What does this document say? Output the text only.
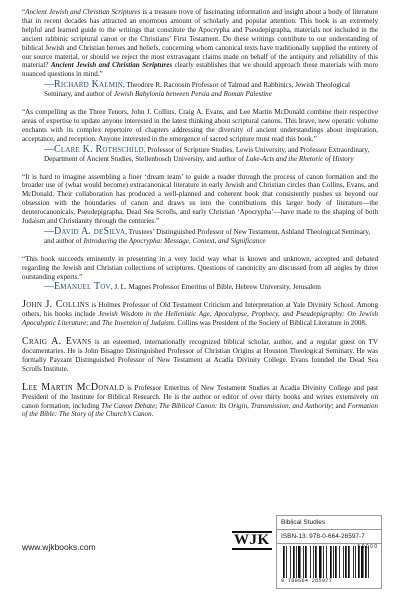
“Ancient Jewish and Christian Scriptures is a treasure trove of fascinating information and insight about a body of literature that in recent decades has attracted an enormous amount of scholarly and popular attention. This book is an extremely helpful and learned guide to the writings that constitute the Apocrypha and Pseudepigrapha, materials not included in the ancient rabbinic scriptural canon or the Christians’ First Testament. Do these writings contribute to our understanding of biblical Jewish and Christian heroes and beliefs, concerning whom canonical texts have traditionally supplied the entirety of our source material, or should we reject the most extravagant claims made on behalf of the antiquity and reliability of this material? Ancient Jewish and Christian Scriptures clearly establishes that we should approach these materials with more nuanced questions in mind.”

—Richard Kalmin, Theodore R. Racoosin Professor of Talmud and Rabbinics, Jewish Theological Seminary, and author of Jewish Babylonia between Persia and Roman Palestine

“As compelling as the Three Tenors, John J. Collins, Craig A. Evans, and Lee Martin McDonald combine their respective areas of expertise to update anyone interested in the latest thinking about scriptural canons. This brave, new operatic volume enchants with its complex repertoire of chapters addressing the diversity of ancient understandings about inspiration, acceptance, and reception. Anyone interested in the emergence of sacred scripture must read this book.”

—Clare K. Rothschild, Professor of Scripture Studies, Lewis University, and Professor Extraordinary, Department of Ancient Studies, Stellenbosch University, and author of Luke-Acts and the Rhetoric of History

“It is hard to imagine assembling a finer ‘dream team’ to guide a reader through the process of canon formation and the broader use of (what would become) extracanonical literature in early Jewish and Christian circles than Collins, Evans, and McDonald. Their collaboration has produced a well-planned and coherent book that consistently pushes us beyond our obsession with the boundaries of canon and draws us into the contributions this larger body of literature—the deuterocanonicals, Pseudepigrapha, Dead Sea Scrolls, and early Christian ‘Apocrypha’—have made to the shaping of both Judaism and Christianity through the centuries.”

—David A. deSilva, Trustees’ Distinguished Professor of New Testament, Ashland Theological Seminary, and author of Introducing the Apocrypha: Message, Context, and Significance

“This book succeeds eminently in presenting in a very lucid way what is known and unknown, accepted and debated regarding the Jewish and Christian collections of scriptures. Questions of canonicity are discussed from all angles by three outstanding experts.”

—Emanuel Tov, J. L. Magnes Professor Emeritus of Bible, Hebrew University, Jerusalem

John J. Collins is Holmes Professor of Old Testament Criticism and Interpretation at Yale Divinity School. Among others, his books include Jewish Wisdom in the Hellenistic Age, Apocalypse, Prophecy, and Pseudepigraphy: On Jewish Apocalyptic Literature; and The Invention of Judaism. Collins was President of the Society of Biblical Literature in 2008.

Craig A. Evans is an esteemed, internationally recognized biblical scholar, author, and a regular guest on TV documentaries. He is John Bisagno Distinguished Professor of Christian Origins at Houston Theological Seminary. He was formally Payzant Distinguished Professor of New Testament at Acadia Divinity College. Evans founded the Dead Sea Scrolls Institute.

Lee Martin McDonald is Professor Emeritus of New Testament Studies at Acadia Divinity College and past President of the Institute for Biblical Research. He is the author or editor of over thirty books and writes extensively on canon formation, including The Canon Debate; The Biblical Canon: Its Origin, Transmission, and Authority; and Formation of the Bible: The Story of the Church’s Canon.

www.wjkbooks.com	WJK
Biblical Studies
ISBN-13: 978-0-664-26597-7
5 0 0 0 0
9 780664 265977
